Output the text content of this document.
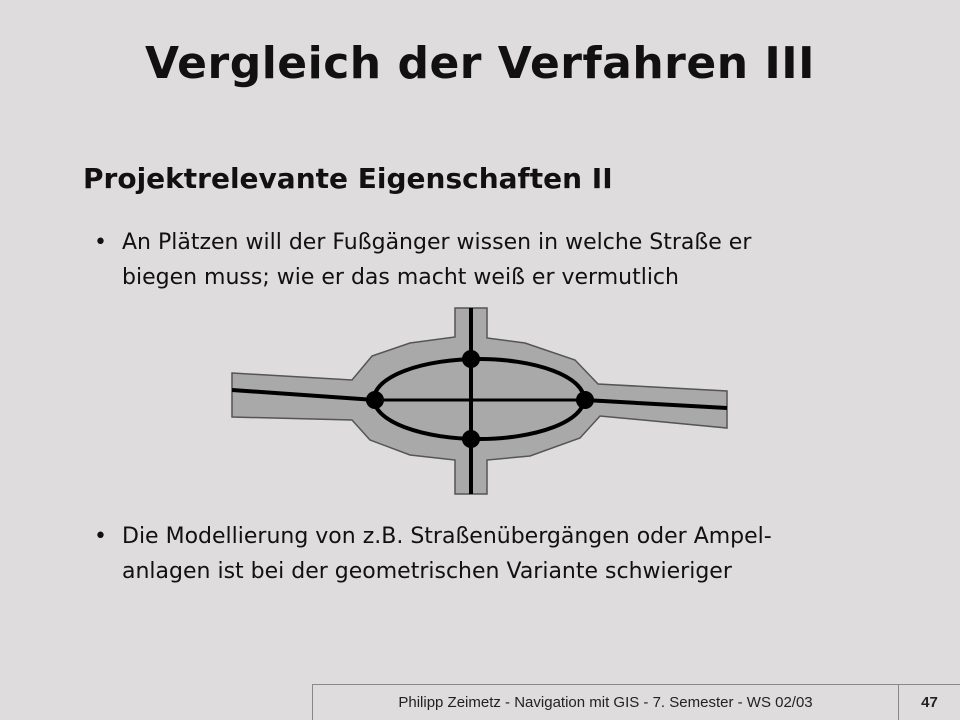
Vergleich der Verfahren III
Projektrelevante Eigenschaften II
• An Plätzen will der Fußgänger wissen in welche Straße er
biegen muss; wie er das macht weiß er vermutlich
• Die Modellierung von z.B. Straßenübergängen oder Ampel-
anlagen ist bei der geometrischen Variante schwieriger
Philipp Zeimetz - Navigation mit GIS - 7. Semester - WS 02/03	47
